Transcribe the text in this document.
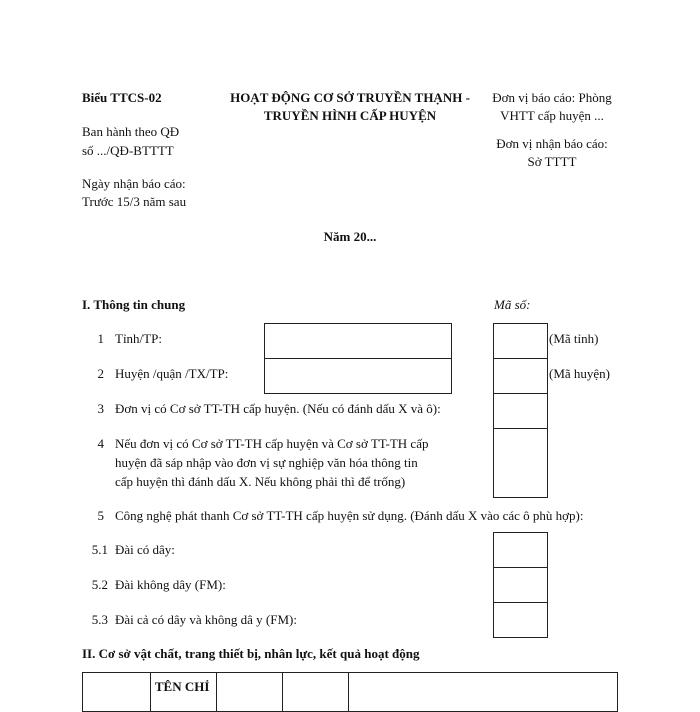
Biểu TTCS-02
Ban hành theo QĐ
số .../QĐ-BTTTT
Ngày nhận báo cáo:
Trước 15/3 năm sau
HOẠT ĐỘNG CƠ SỞ TRUYỀN THẠNH -
TRUYỀN HÌNH CẤP HUYỆN
Đơn vị báo cáo: Phòng
VHTT cấp huyện ...
Đơn vị nhận báo cáo:
Sở TTTT
Năm 20...
I. Thông tin chung	Mã số:
1 Tỉnh/TP:	(Mã tỉnh)
2 Huyện /quận /TX/TP:	(Mã huyện)
3 Đơn vị có Cơ sở TT-TH cấp huyện. (Nếu có đánh dấu X và ô):
4 Nếu đơn vị có Cơ sở TT-TH cấp huyện và Cơ sở TT-TH cấp
huyện đã sáp nhập vào đơn vị sự nghiệp văn hóa thông tin
cấp huyện thì đánh dấu X. Nếu không phải thì để trống)
5 Công nghệ phát thanh Cơ sở TT-TH cấp huyện sử dụng. (Đánh dấu X vào các ô phù hợp):
5.1 Đài có dây:
5.2 Đài không dây (FM):
5.3 Đài cả có dây và không dâ y (FM):
II. Cơ sở vật chất, trang thiết bị, nhân lực, kết quả hoạt động
	TÊN CHỈ			
